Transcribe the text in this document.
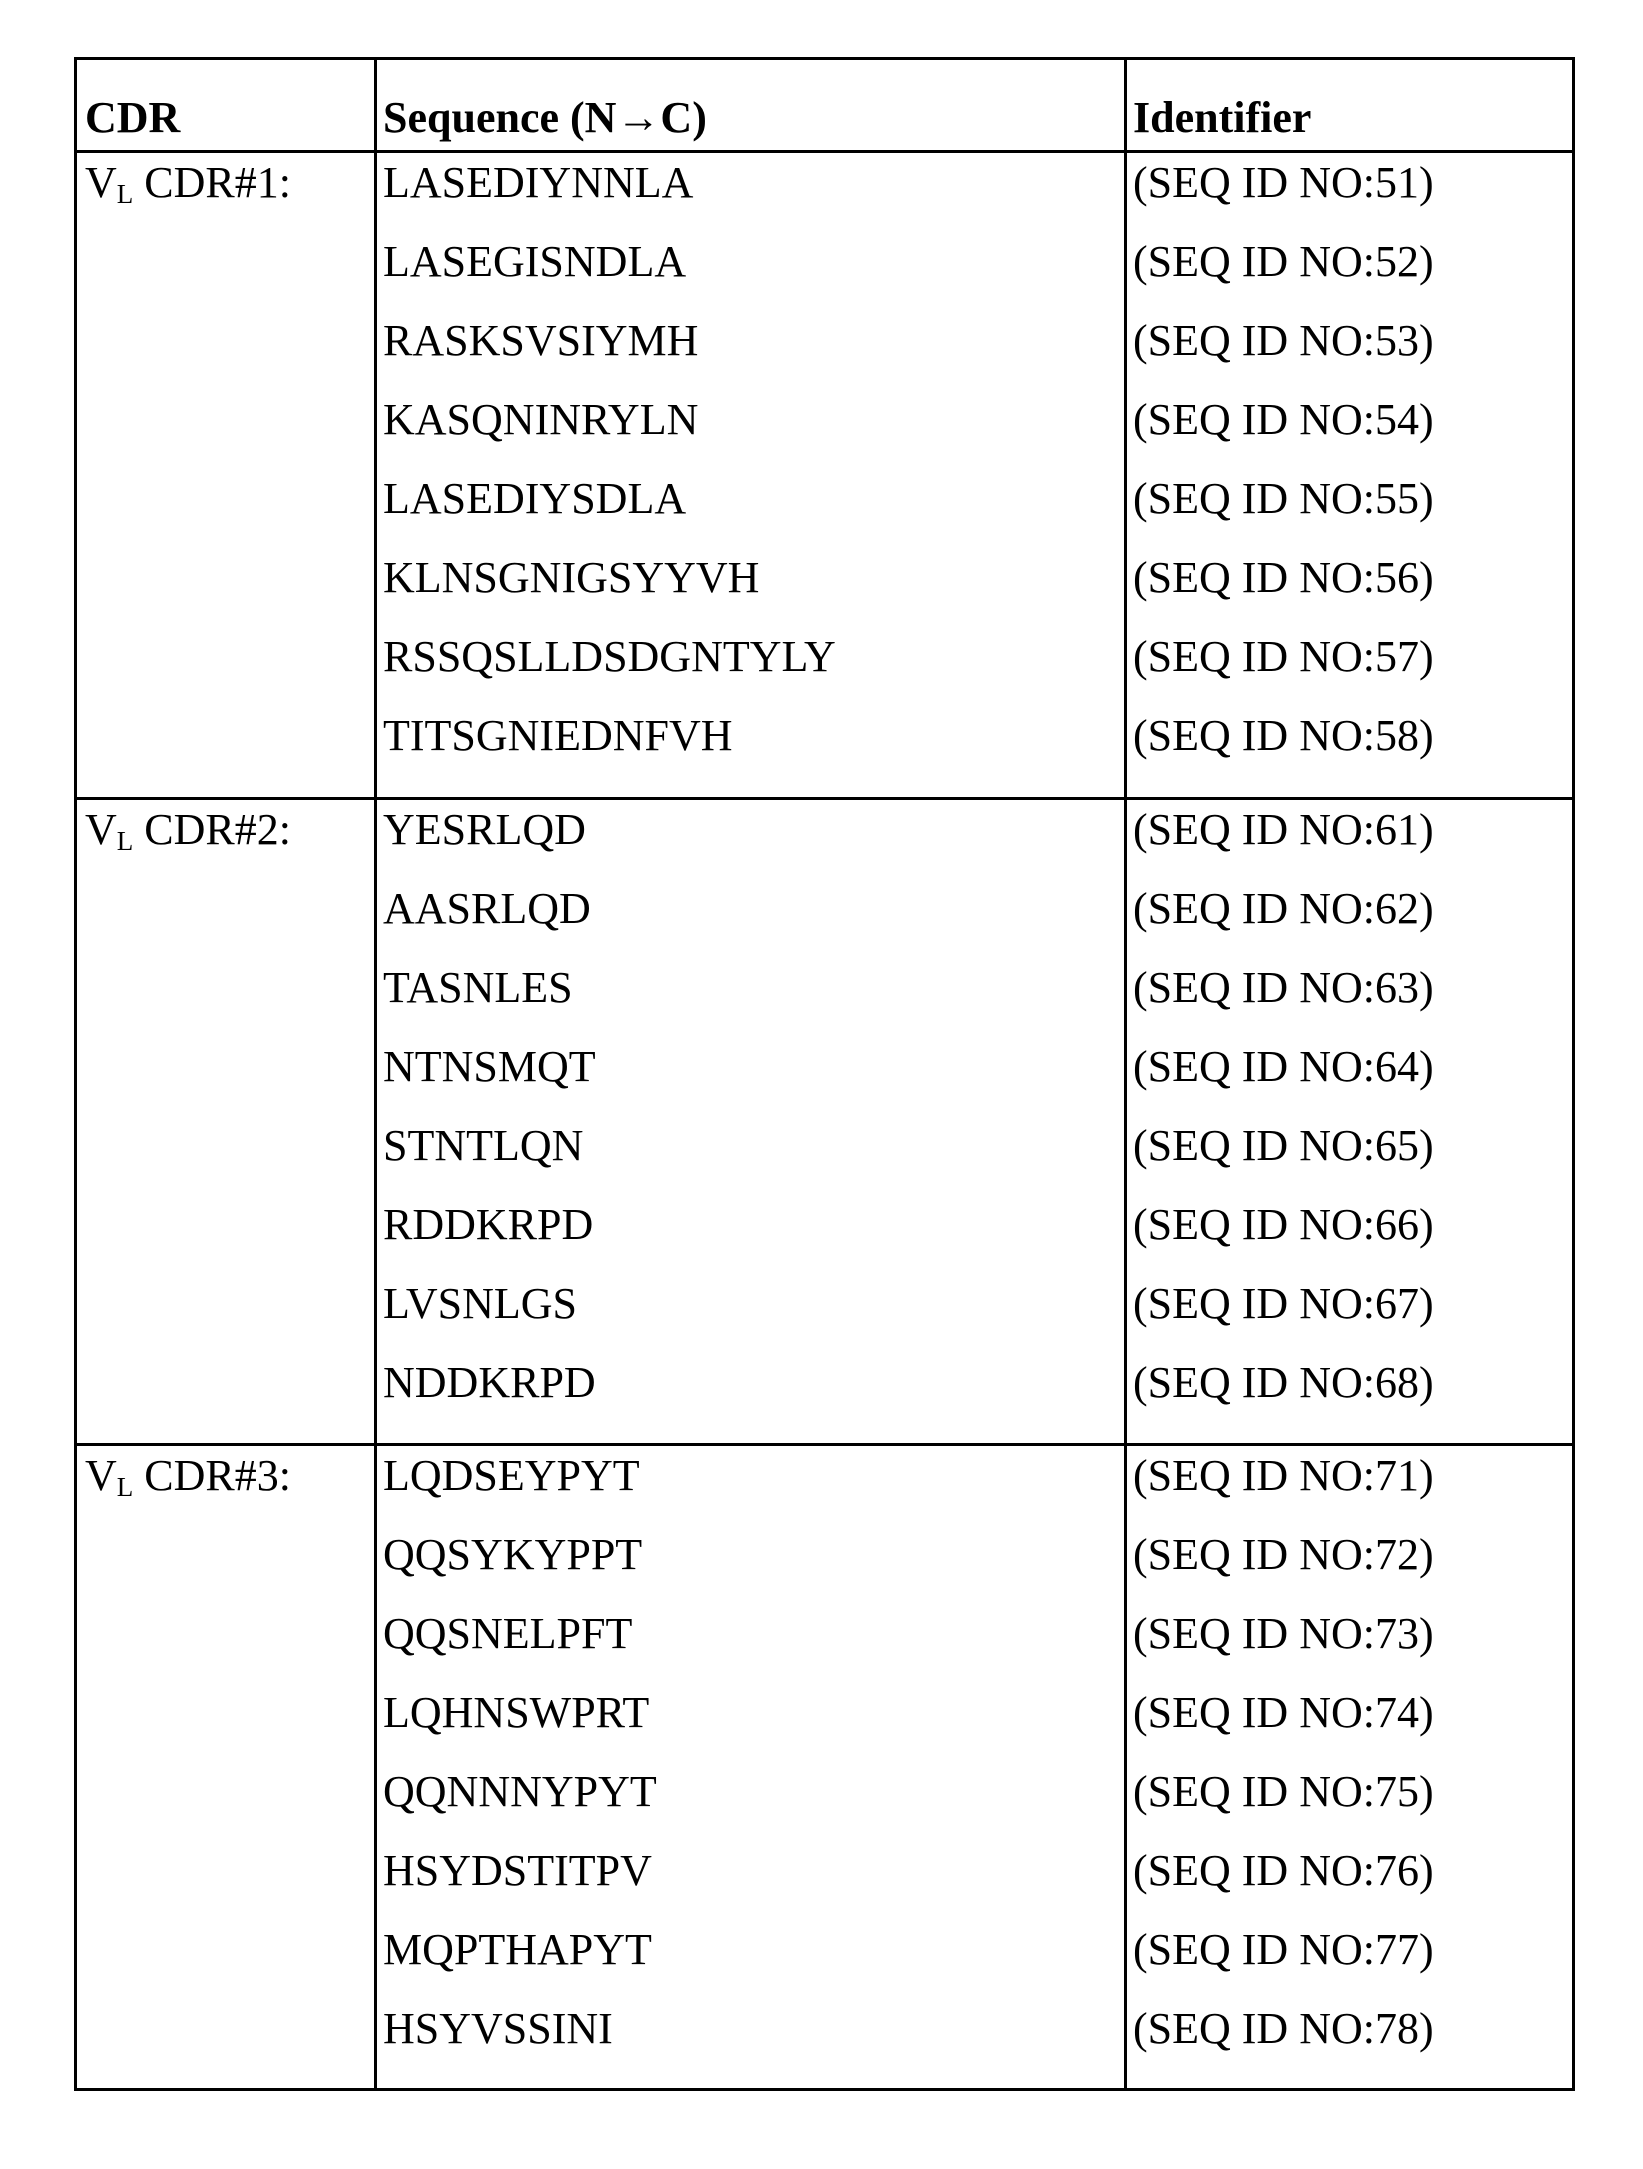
CDR	Sequence (N→C)	Identifier
VL CDR#1: LASEDIYNNLA	(SEQ ID NO:51)
LASEGISNDLA	(SEQ ID NO:52)
RASKSVSIYMH	(SEQ ID NO:53)
KASQNINRYLN	(SEQ ID NO:54)
LASEDIYSDLA	(SEQ ID NO:55)
KLNSGNIGSYYVH	(SEQ ID NO:56)
RSSQSLLDSDGNTYLY	(SEQ ID NO:57)
TITSGNIEDNFVH	(SEQ ID NO:58)
VL CDR#2: YESRLQD	(SEQ ID NO:61)
AASRLQD	(SEQ ID NO:62)
TASNLES	(SEQ ID NO:63)
NTNSMQT	(SEQ ID NO:64)
STNTLQN	(SEQ ID NO:65)
RDDKRPD	(SEQ ID NO:66)
LVSNLGS	(SEQ ID NO:67)
NDDKRPD	(SEQ ID NO:68)
VL CDR#3: LQDSEYPYT	(SEQ ID NO:71)
QQSYKYPPT	(SEQ ID NO:72)
QQSNELPFT	(SEQ ID NO:73)
LQHNSWPRT	(SEQ ID NO:74)
QQNNNYPYT	(SEQ ID NO:75)
HSYDSTITPV	(SEQ ID NO:76)
MQPTHAPYT	(SEQ ID NO:77)
HSYVSSINI	(SEQ ID NO:78)
